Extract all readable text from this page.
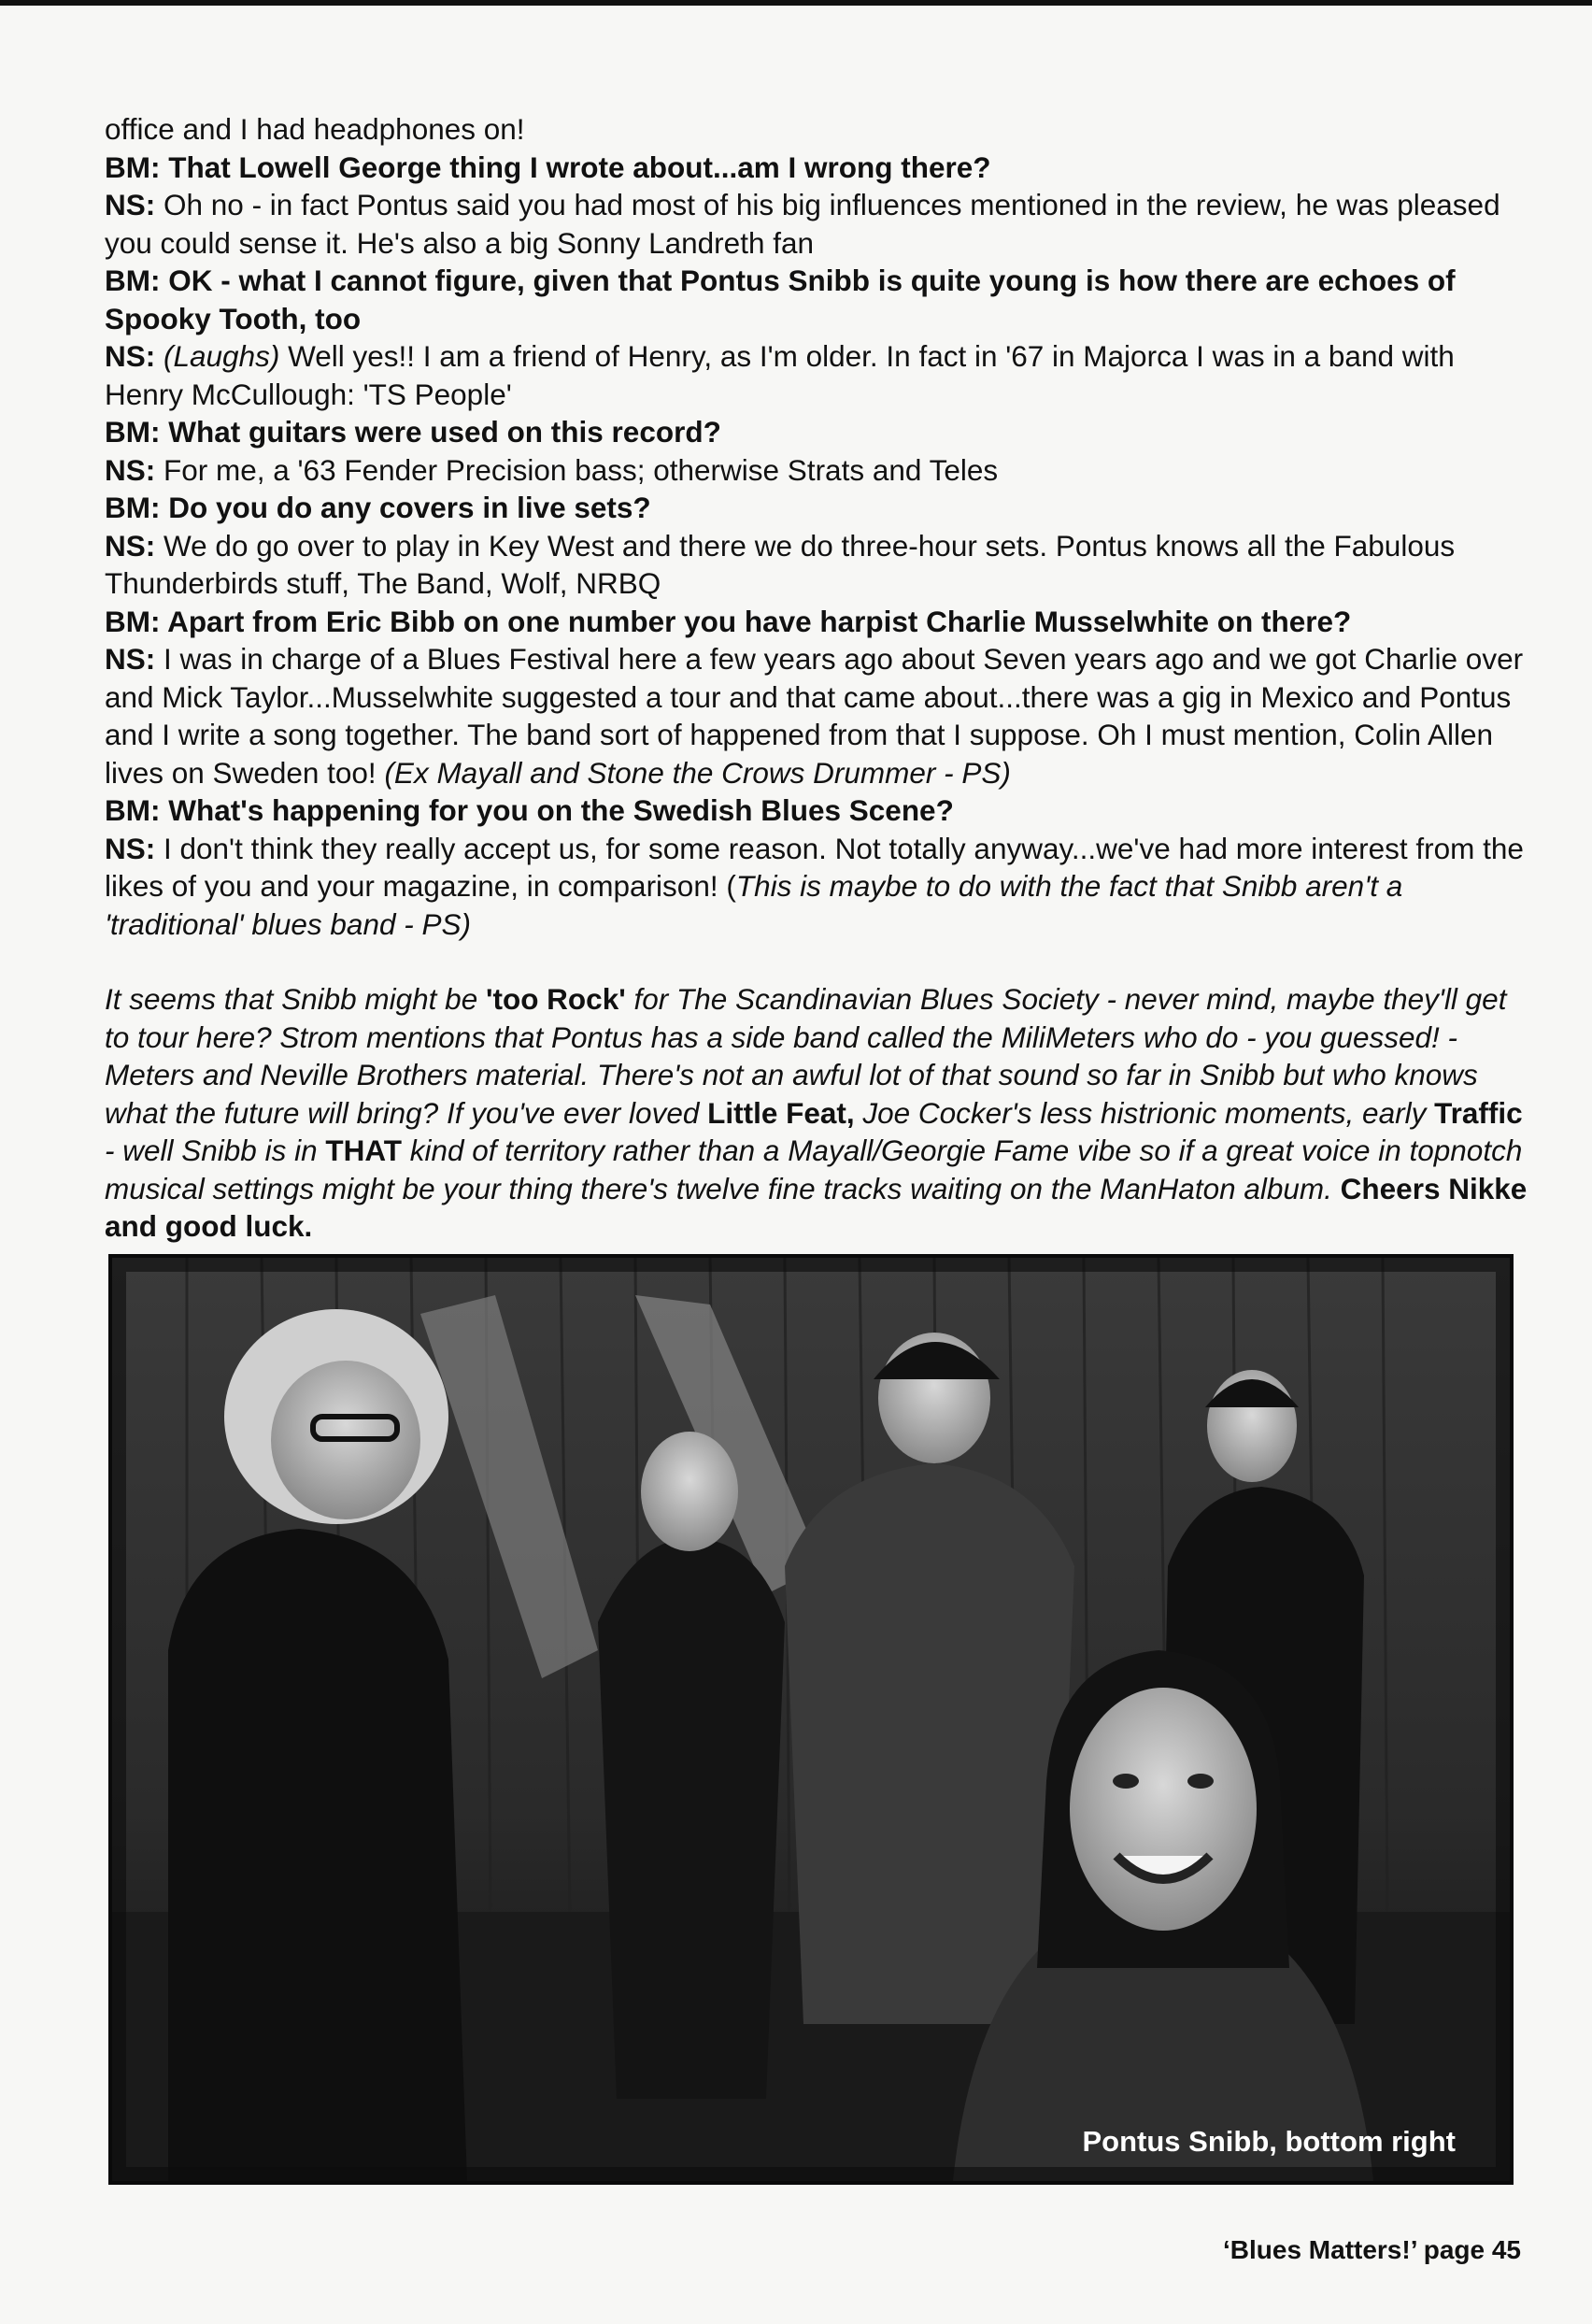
office and I had headphones on!

BM: That Lowell George thing I wrote about...am I wrong there?

NS: Oh no - in fact Pontus said you had most of his big influences mentioned in the review, he was pleased you could sense it. He's also a big Sonny Landreth fan

BM: OK - what I cannot figure, given that Pontus Snibb is quite young is how there are echoes of Spooky Tooth, too

NS: (Laughs) Well yes!! I am a friend of Henry, as I'm older. In fact in '67 in Majorca I was in a band with Henry McCullough: 'TS People'

BM: What guitars were used on this record?

NS: For me, a '63 Fender Precision bass; otherwise Strats and Teles

BM: Do you do any covers in live sets?

NS: We do go over to play in Key West and there we do three-hour sets. Pontus knows all the Fabulous Thunderbirds stuff, The Band, Wolf, NRBQ

BM: Apart from Eric Bibb on one number you have harpist Charlie Musselwhite on there?

NS: I was in charge of a Blues Festival here a few years ago about Seven years ago and we got Charlie over and Mick Taylor...Musselwhite suggested a tour and that came about...there was a gig in Mexico and Pontus and I write a song together. The band sort of happened from that I suppose. Oh I must mention, Colin Allen lives on Sweden too! (Ex Mayall and Stone the Crows Drummer - PS)

BM: What's happening for you on the Swedish Blues Scene?

NS: I don't think they really accept us, for some reason. Not totally anyway...we've had more interest from the likes of you and your magazine, in comparison! (This is maybe to do with the fact that Snibb aren't a 'traditional' blues band - PS)

It seems that Snibb might be 'too Rock' for The Scandinavian Blues Society - never mind, maybe they'll get to tour here? Strom mentions that Pontus has a side band called the MiliMeters who do - you guessed! - Meters and Neville Brothers material. There's not an awful lot of that sound so far in Snibb but who knows what the future will bring? If you've ever loved Little Feat, Joe Cocker's less histrionic moments, early Traffic - well Snibb is in THAT kind of territory rather than a Mayall/Georgie Fame vibe so if a great voice in topnotch musical settings might be your thing there's twelve fine tracks waiting on the ManHaton album. Cheers Nikke and good luck.

Pontus Snibb, bottom right
‘Blues Matters!’ page 45
